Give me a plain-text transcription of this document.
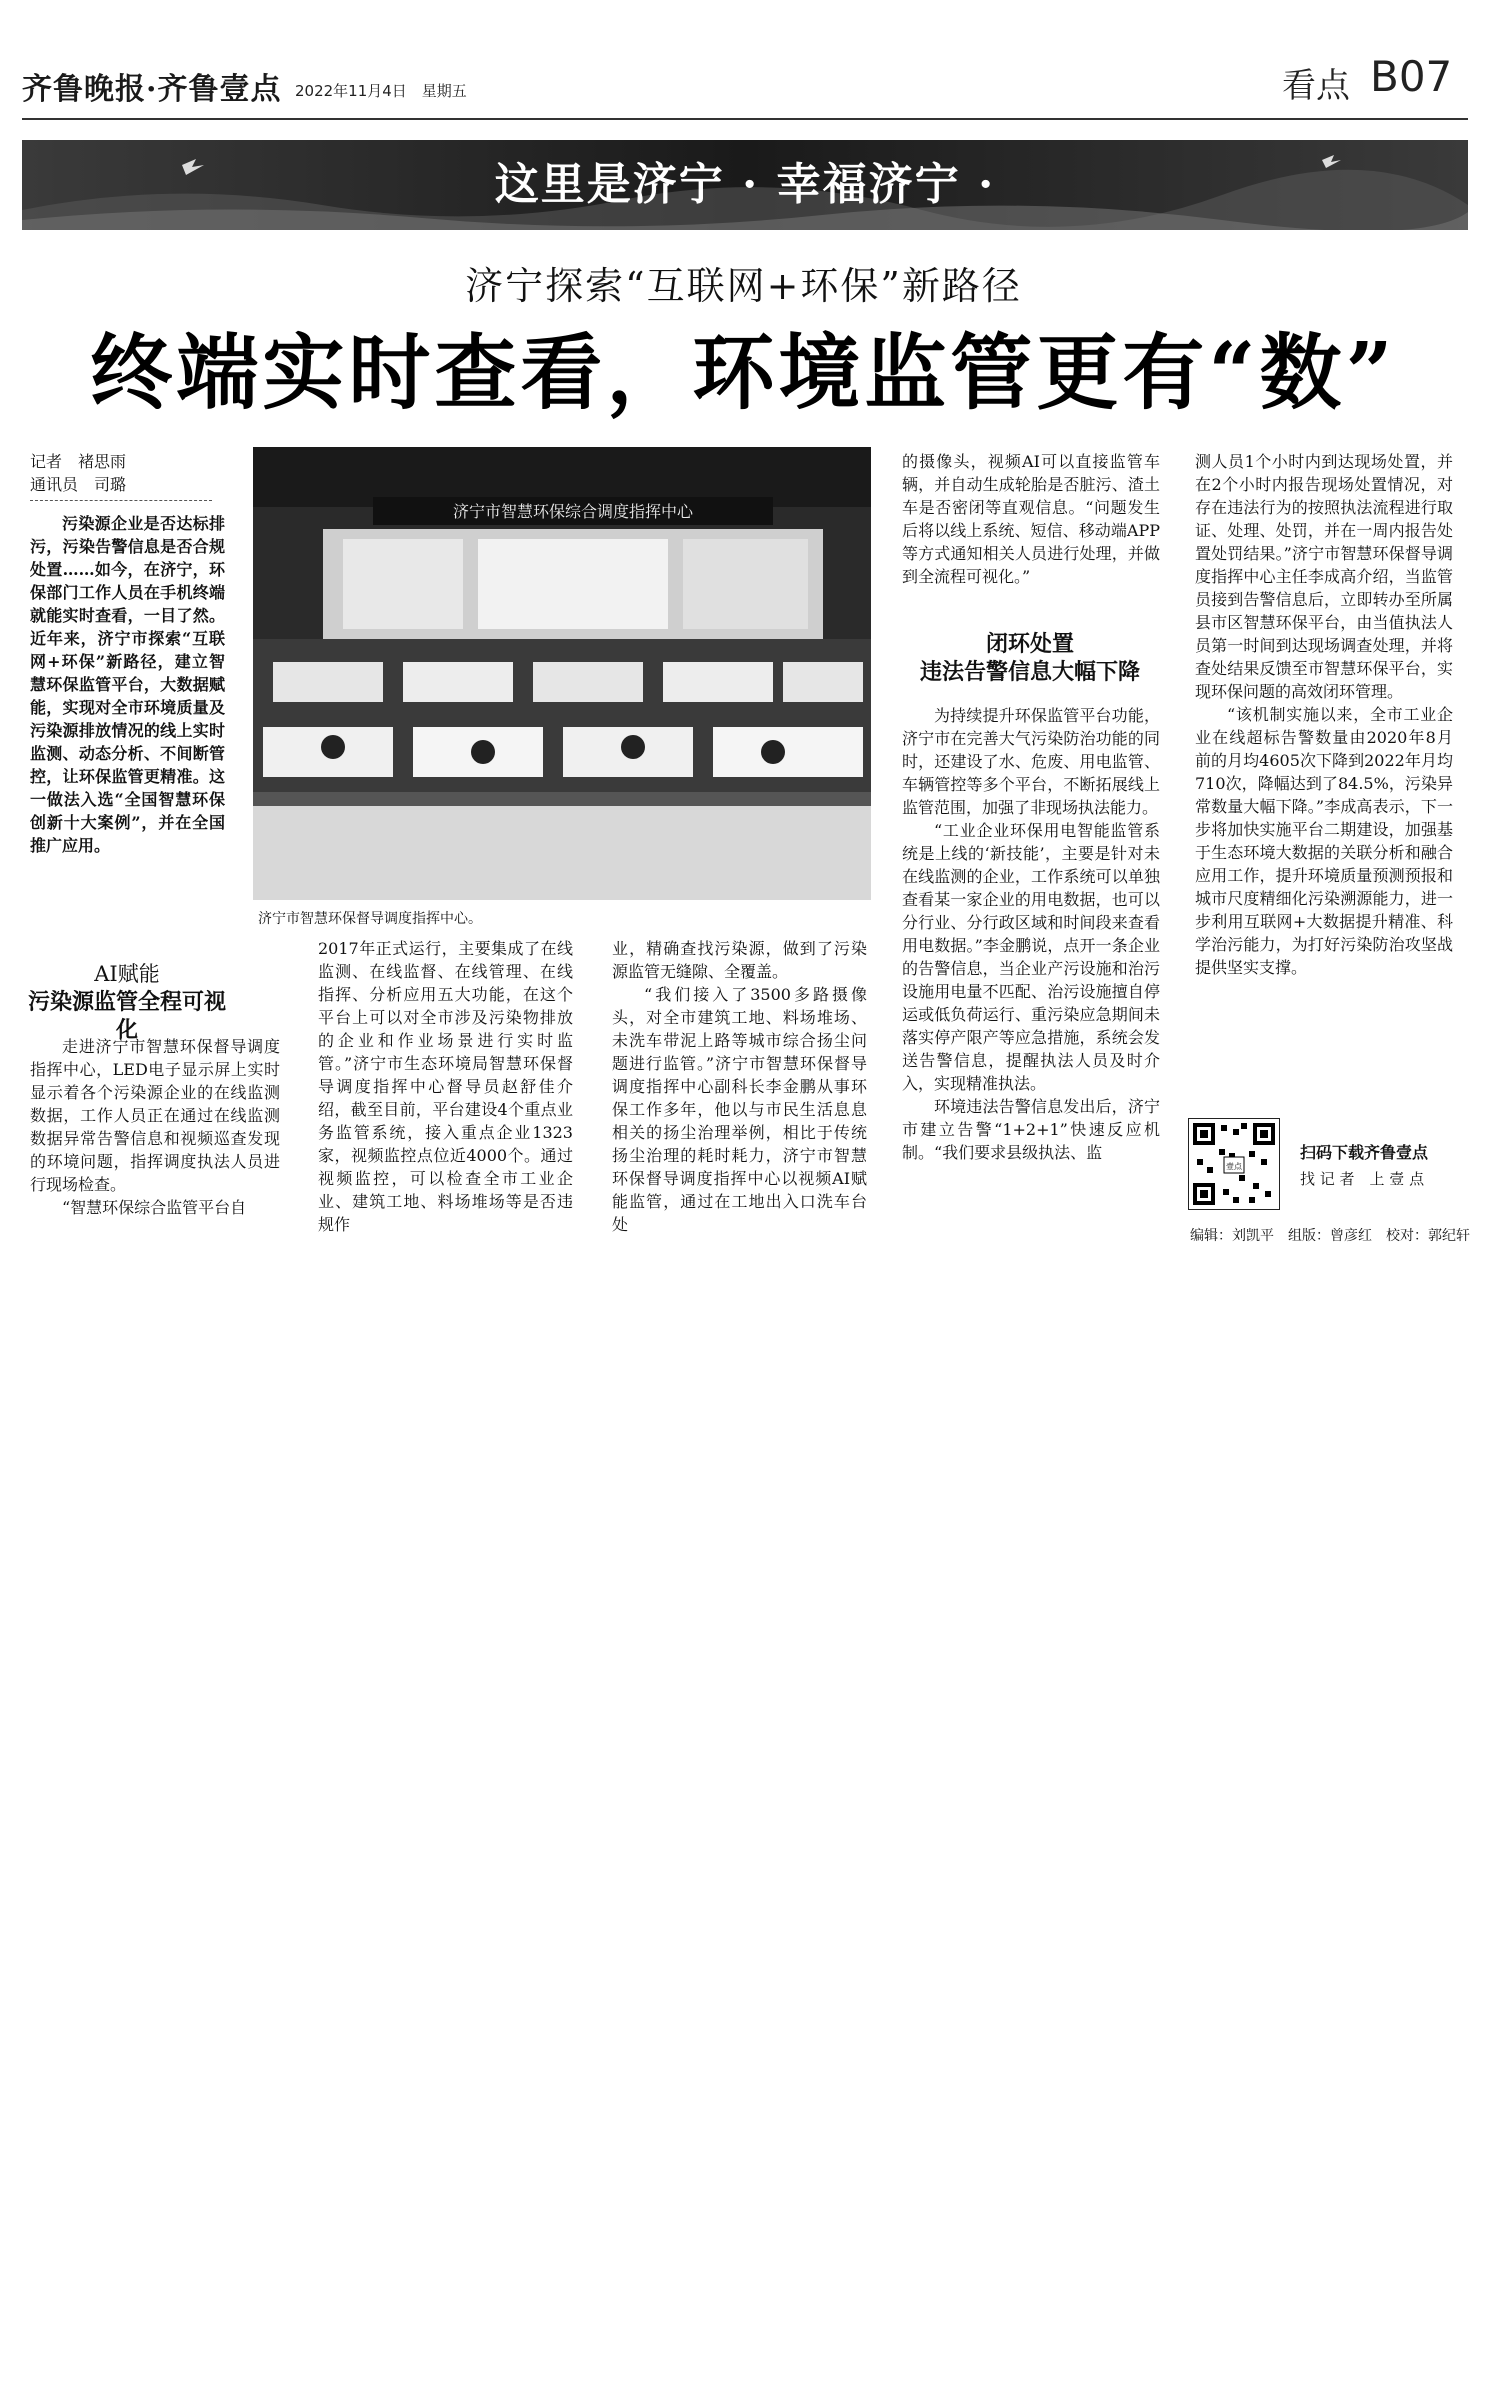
齐鲁晚报·齐鲁壹点 2022年11月4日　星期五	看点 B07
这里是济宁 · 幸福济宁 ·
济宁探索“互联网+环保”新路径
终端实时查看，环境监管更有“数”
记者　褚思雨
通讯员　司璐

污染源企业是否达标排污，污染告警信息是否合规处置……如今，在济宁，环保部门工作人员在手机终端就能实时查看，一目了然。近年来，济宁市探索“互联网+环保”新路径，建立智慧环保监管平台，大数据赋能，实现对全市环境质量及污染源排放情况的线上实时监测、动态分析、不间断管控，让环保监管更精准。这一做法入选“全国智慧环保创新十大案例”，并在全国推广应用。

AI赋能
污染源监管全程可视化

走进济宁市智慧环保督导调度指挥中心，LED电子显示屏上实时显示着各个污染源企业的在线监测数据，工作人员正在通过在线监测数据异常告警信息和视频巡查发现的环境问题，指挥调度执法人员进行现场检查。

“智慧环保综合监管平台自

济宁市智慧环保综合调度指挥中心
济宁市智慧环保督导调度指挥中心。

2017年正式运行，主要集成了在线监测、在线监督、在线管理、在线指挥、分析应用五大功能，在这个平台上可以对全市涉及污染物排放的企业和作业场景进行实时监管。”济宁市生态环境局智慧环保督导调度指挥中心督导员赵舒佳介绍，截至目前，平台建设4个重点业务监管系统，接入重点企业1323家，视频监控点位近4000个。通过视频监控，可以检查全市工业企业、建筑工地、料场堆场等是否违规作

业，精确查找污染源，做到了污染源监管无缝隙、全覆盖。

“我们接入了3500多路摄像头，对全市建筑工地、料场堆场、未洗车带泥上路等城市综合扬尘问题进行监管。”济宁市智慧环保督导调度指挥中心副科长李金鹏从事环保工作多年，他以与市民生活息息相关的扬尘治理举例，相比于传统扬尘治理的耗时耗力，济宁市智慧环保督导调度指挥中心以视频AI赋能监管，通过在工地出入口洗车台处

的摄像头，视频AI可以直接监管车辆，并自动生成轮胎是否脏污、渣土车是否密闭等直观信息。“问题发生后将以线上系统、短信、移动端APP等方式通知相关人员进行处理，并做到全流程可视化。”

闭环处置
违法告警信息大幅下降

为持续提升环保监管平台功能，济宁市在完善大气污染防治功能的同时，还建设了水、危废、用电监管、车辆管控等多个平台，不断拓展线上监管范围，加强了非现场执法能力。

“工业企业环保用电智能监管系统是上线的‘新技能’，主要是针对未在线监测的企业，工作系统可以单独查看某一家企业的用电数据，也可以分行业、分行政区域和时间段来查看用电数据。”李金鹏说，点开一条企业的告警信息，当企业产污设施和治污设施用电量不匹配、治污设施擅自停运或低负荷运行、重污染应急期间未落实停产限产等应急措施，系统会发送告警信息，提醒执法人员及时介入，实现精准执法。

环境违法告警信息发出后，济宁市建立告警“1+2+1”快速反应机制。“我们要求县级执法、监

测人员1个小时内到达现场处置，并在2个小时内报告现场处置情况，对存在违法行为的按照执法流程进行取证、处理、处罚，并在一周内报告处置处罚结果。”济宁市智慧环保督导调度指挥中心主任李成高介绍，当监管员接到告警信息后，立即转办至所属县市区智慧环保平台，由当值执法人员第一时间到达现场调查处理，并将查处结果反馈至市智慧环保平台，实现环保问题的高效闭环管理。

“该机制实施以来，全市工业企业在线超标告警数量由2020年8月前的月均4605次下降到2022年月均710次，降幅达到了84.5%，污染异常数量大幅下降。”李成高表示，下一步将加快实施平台二期建设，加强基于生态环境大数据的关联分析和融合应用工作，提升环境质量预测预报和城市尺度精细化污染溯源能力，进一步利用互联网+大数据提升精准、科学治污能力，为打好污染防治攻坚战提供坚实支撑。

壹点
扫码下载齐鲁壹点
找 记 者　上 壹 点
编辑：刘凯平　组版：曾彦红　校对：郭纪轩
